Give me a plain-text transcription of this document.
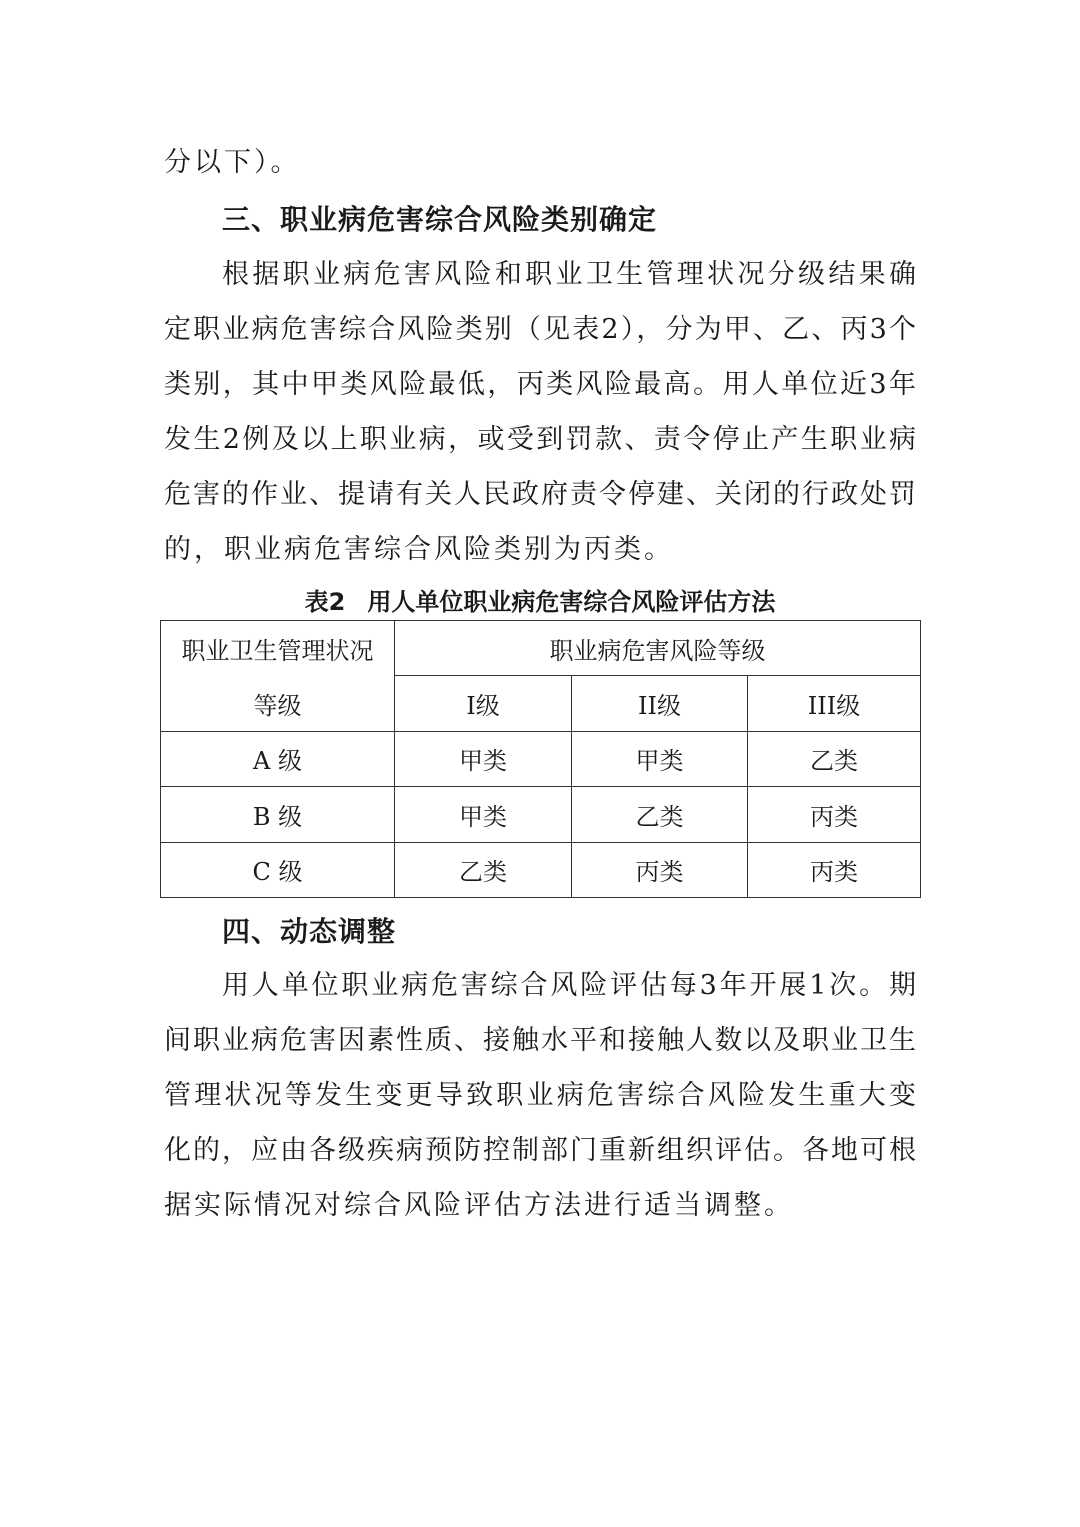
分以下）。
三、职业病危害综合风险类别确定
根据职业病危害风险和职业卫生管理状况分级结果确
定职业病危害综合风险类别（见表2），分为甲、乙、丙3个
类别，其中甲类风险最低，丙类风险最高。用人单位近3年
发生2例及以上职业病，或受到罚款、责令停止产生职业病
危害的作业、提请有关人民政府责令停建、关闭的行政处罚
的，职业病危害综合风险类别为丙类。
表2 用人单位职业病危害综合风险评估方法
职业卫生管理状况	职业病危害风险等级		
等级	I级	II级	III级
A 级	甲类	甲类	乙类
B 级	甲类	乙类	丙类
C 级	乙类	丙类	丙类
四、动态调整
用人单位职业病危害综合风险评估每3年开展1次。期
间职业病危害因素性质、接触水平和接触人数以及职业卫生
管理状况等发生变更导致职业病危害综合风险发生重大变
化的，应由各级疾病预防控制部门重新组织评估。各地可根
据实际情况对综合风险评估方法进行适当调整。
